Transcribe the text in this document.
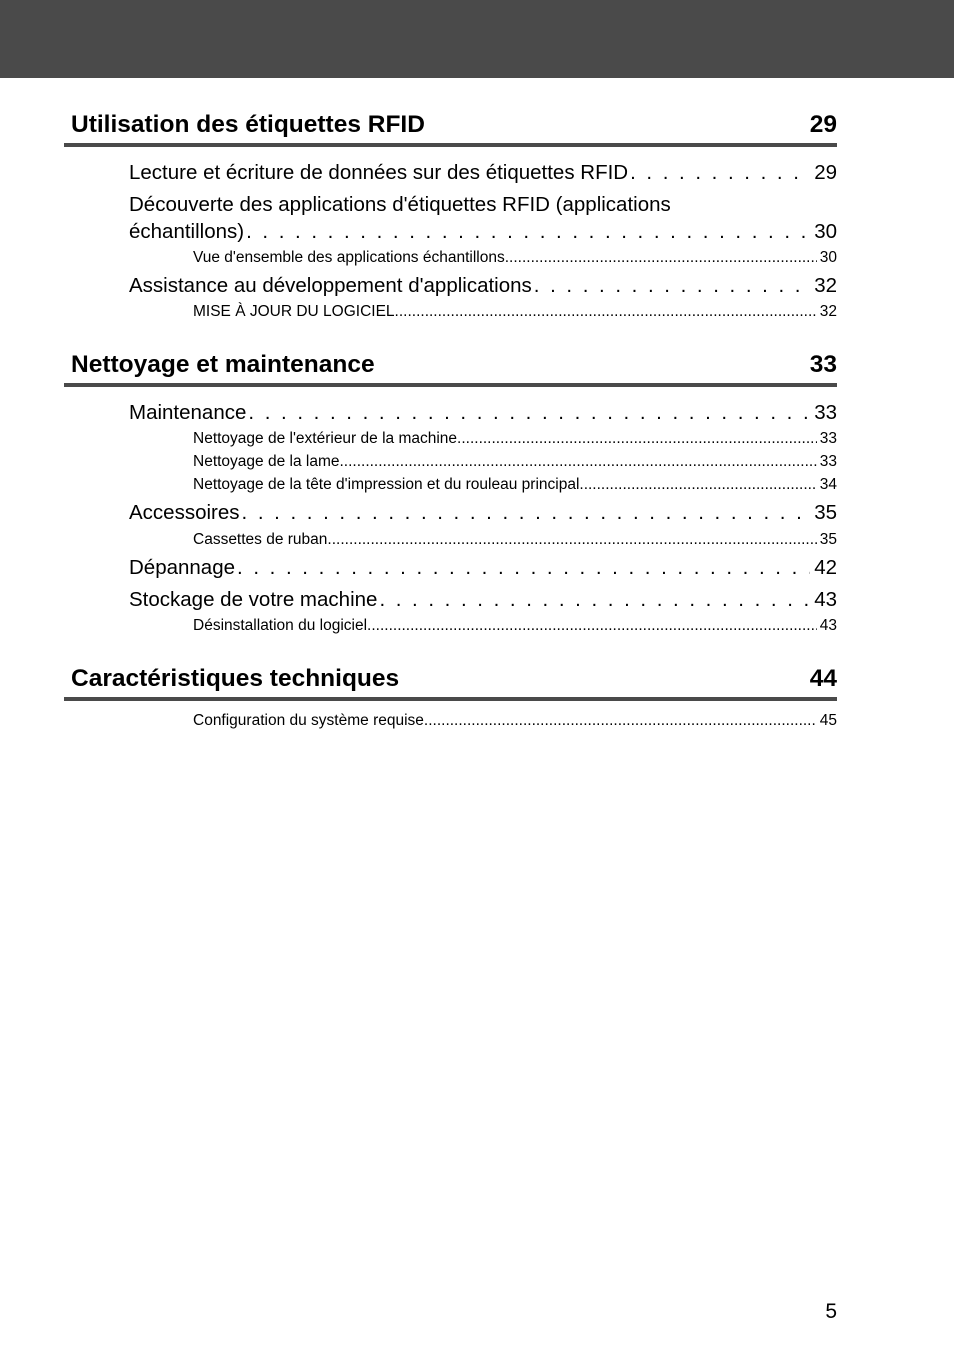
Utilisation des étiquettes RFID	29
Lecture et écriture de données sur des étiquettes RFID . . .	29
Découverte des applications d'étiquettes RFID (applications
échantillons) . . .	30
Vue d'ensemble des applications échantillons .....	30
Assistance au développement d'applications . . .	32
MISE À JOUR DU LOGICIEL .....	32
Nettoyage et maintenance	33
Maintenance . . .	33
Nettoyage de l'extérieur de la machine .....	33
Nettoyage de la lame .....	33
Nettoyage de la tête d'impression et du rouleau principal .....	34
Accessoires . . .	35
Cassettes de ruban .....	35
Dépannage . . .	42
Stockage de votre machine . . .	43
Désinstallation du logiciel .....	43
Caractéristiques techniques	44
Configuration du système requise .....	45
5
